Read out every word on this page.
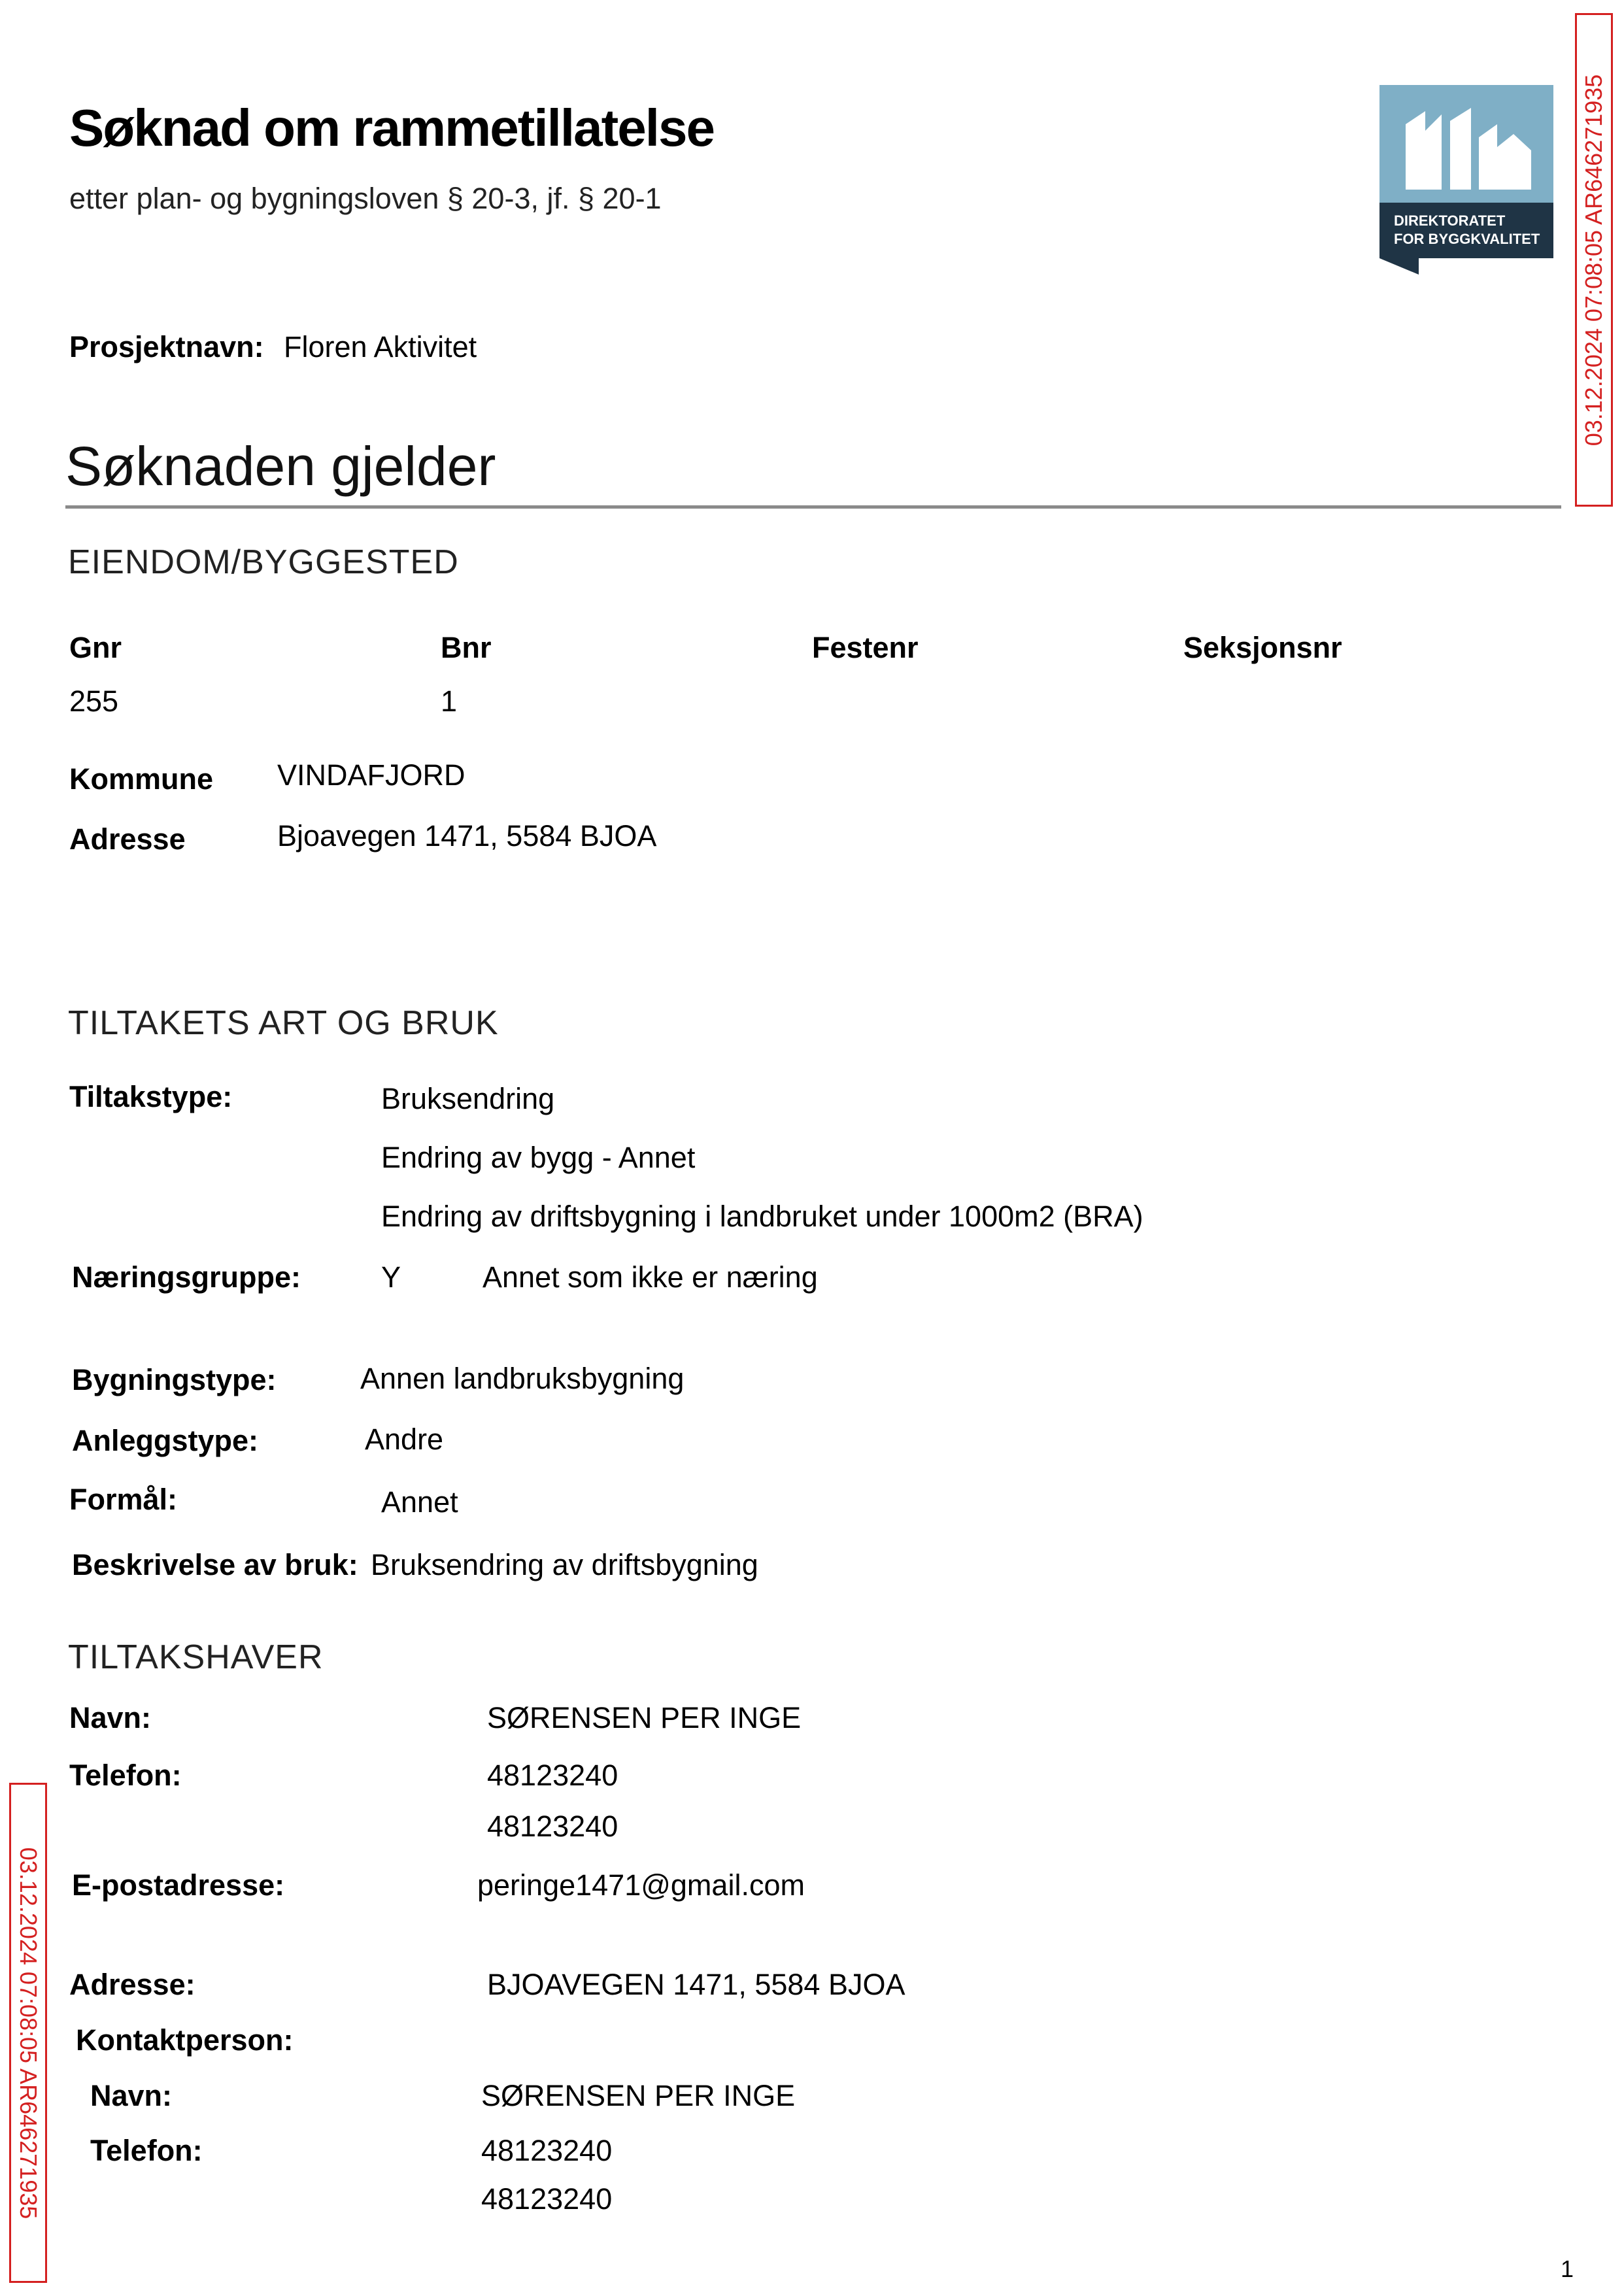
03.12.2024 07:08:05 AR646271935
03.12.2024 07:08:05 AR646271935
DIREKTORATET
FOR BYGGKVALITET
Søknad om rammetillatelse
etter plan- og bygningsloven § 20-3, jf. § 20-1
Prosjektnavn: Floren Aktivitet
Søknaden gjelder
EIENDOM/BYGGESTED
Gnr	Bnr	Festenr	Seksjonsnr
255	1
Kommune VINDAFJORD
Adresse	Bjoavegen 1471, 5584 BJOA
TILTAKETS ART OG BRUK
Tiltakstype:	Bruksendring
Endring av bygg - Annet
Endring av driftsbygning i landbruket under 1000m2 (BRA)
Næringsgruppe:	Y	Annet som ikke er næring
Bygningstype:	Annen landbruksbygning
Anleggstype:	Andre
Formål:	Annet
Beskrivelse av bruk: Bruksendring av driftsbygning
TILTAKSHAVER
Navn:	SØRENSEN PER INGE
Telefon:	48123240
48123240
E-postadresse:	peringe1471@gmail.com
Adresse:	BJOAVEGEN 1471, 5584 BJOA
Kontaktperson:
Navn:	SØRENSEN PER INGE
Telefon:	48123240
48123240
1
